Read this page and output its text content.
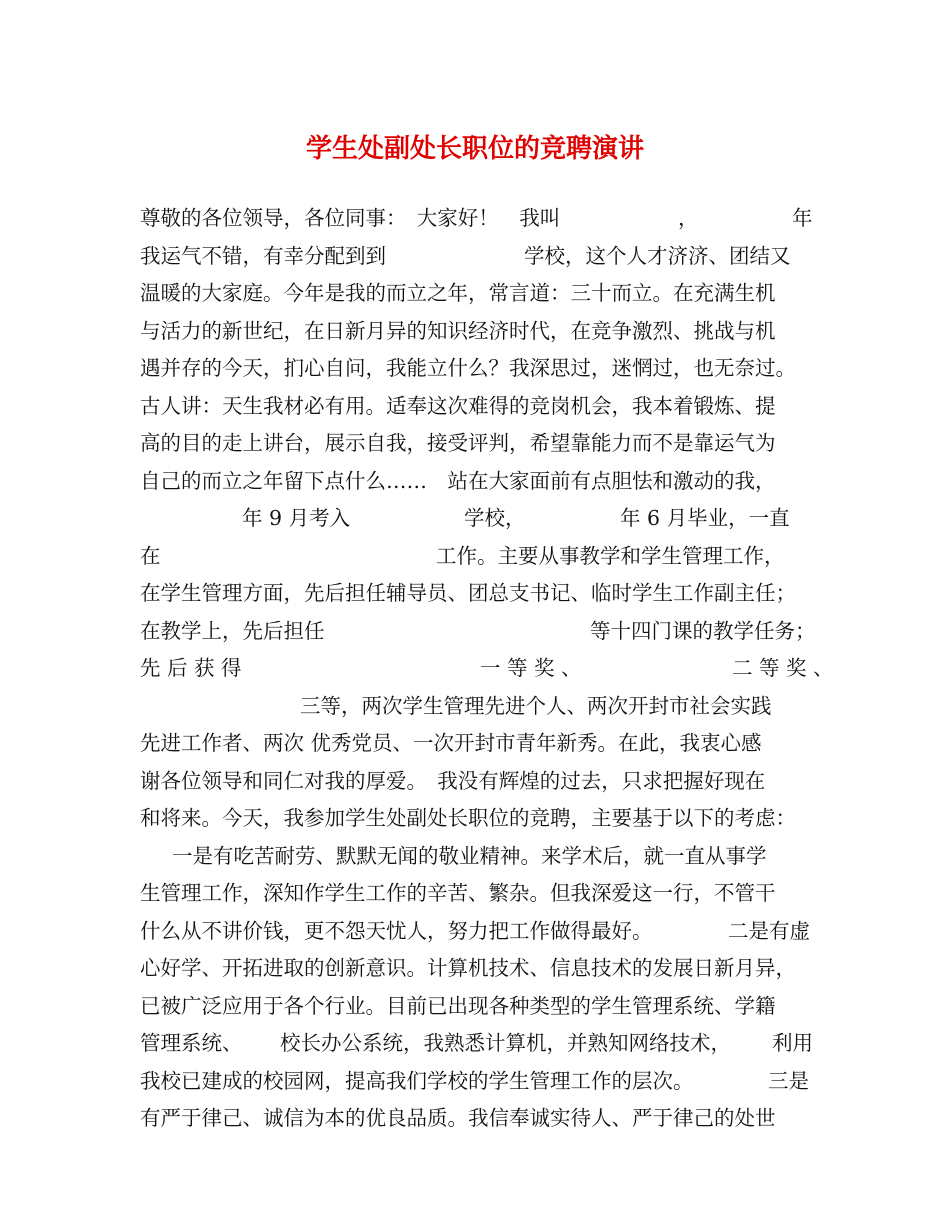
学生处副处长职位的竞聘演讲
尊敬的各位领导，各位同事：　大家好！　我叫	，	年
我运气不错，有幸分配到到	学校，这个人才济济、团结又
温暖的大家庭。今年是我的而立之年，常言道：三十而立。在充满生机
与活力的新世纪，在日新月异的知识经济时代，在竞争激烈、挑战与机
遇并存的今天，扪心自问，我能立什么？我深思过，迷惘过，也无奈过。
古人讲：天生我材必有用。适奉这次难得的竞岗机会，我本着锻炼、提
高的目的走上讲台，展示自我，接受评判，希望靠能力而不是靠运气为
自己的而立之年留下点什么……　站在大家面前有点胆怯和激动的我，
年 9 月考入	学校，	年 6 月毕业，一直
在	工作。主要从事教学和学生管理工作，
在学生管理方面，先后担任辅导员、团总支书记、临时学生工作副主任；
在教学上，先后担任	等十四门课的教学任务；
先 后 获 得	一 等 奖 、	二 等 奖 、
三等，两次学生管理先进个人、两次开封市社会实践
先进工作者、两次 优秀党员、一次开封市青年新秀。在此，我衷心感
谢各位领导和同仁对我的厚爱。　我没有辉煌的过去，只求把握好现在
和将来。今天，我参加学生处副处长职位的竞聘，主要基于以下的考虑：
一是有吃苦耐劳、默默无闻的敬业精神。来学术后，就一直从事学
生管理工作，深知作学生工作的辛苦、繁杂。但我深爱这一行，不管干
什么从不讲价钱，更不怨天忧人，努力把工作做得最好。	二是有虚
心好学、开拓进取的创新意识。计算机技术、信息技术的发展日新月异，
已被广泛应用于各个行业。目前已出现各种类型的学生管理系统、学籍
管理系统、 校长办公系统，我熟悉计算机，并熟知网络技术， 利用
我校已建成的校园网，提高我们学校的学生管理工作的层次。	三是
有严于律己、诚信为本的优良品质。我信奉诚实待人、严于律己的处世
